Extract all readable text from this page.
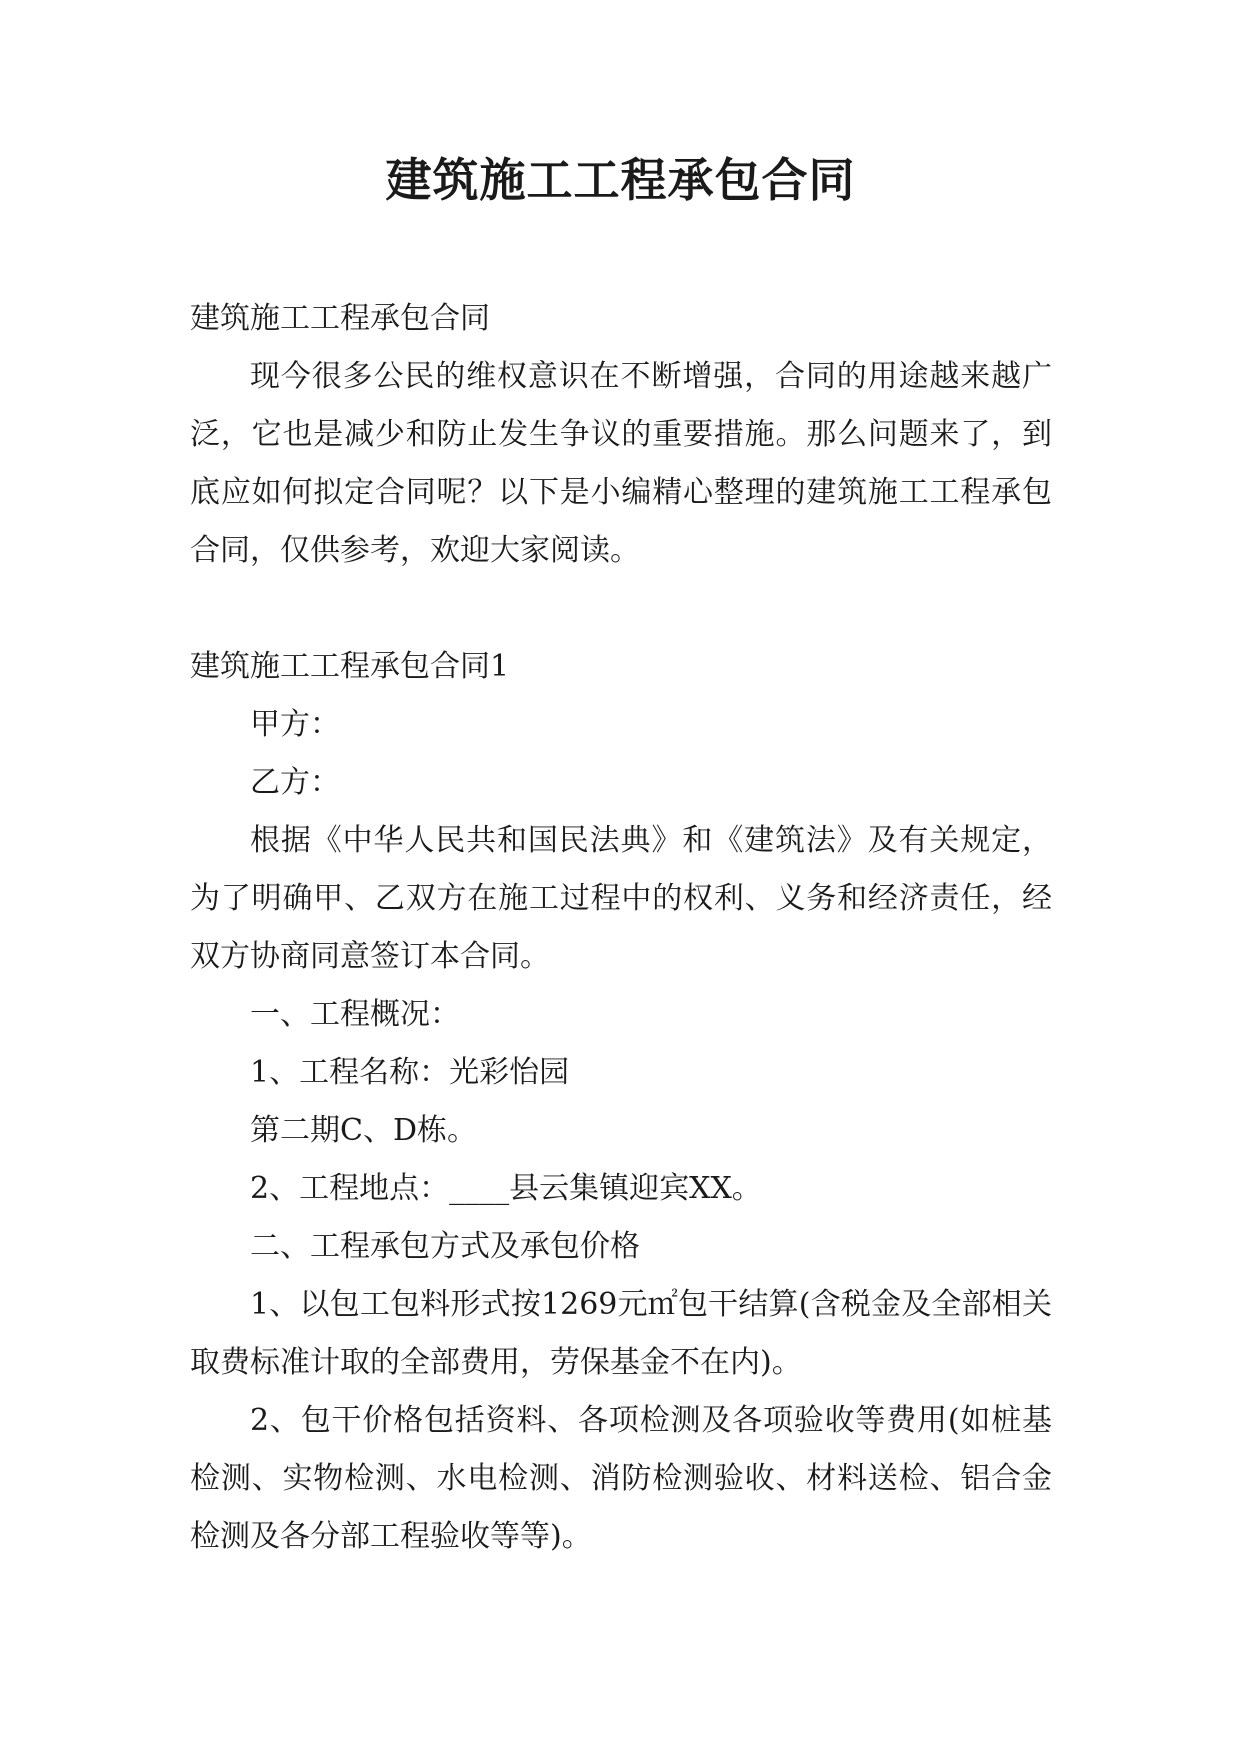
建筑施工工程承包合同

建筑施工工程承包合同

现今很多公民的维权意识在不断增强，合同的用途越来越广泛，它也是减少和防止发生争议的重要措施。那么问题来了，到底应如何拟定合同呢？以下是小编精心整理的建筑施工工程承包合同，仅供参考，欢迎大家阅读。

建筑施工工程承包合同1

甲方：

乙方：

根据《中华人民共和国民法典》和《建筑法》及有关规定，为了明确甲、乙双方在施工过程中的权利、义务和经济责任，经双方协商同意签订本合同。

一、工程概况：

1、工程名称：光彩怡园

第二期C、D栋。

2、工程地点：____县云集镇迎宾XX。

二、工程承包方式及承包价格

1、以包工包料形式按1269元㎡包干结算(含税金及全部相关取费标准计取的全部费用，劳保基金不在内)。

2、包干价格包括资料、各项检测及各项验收等费用(如桩基检测、实物检测、水电检测、消防检测验收、材料送检、铝合金检测及各分部工程验收等等)。
